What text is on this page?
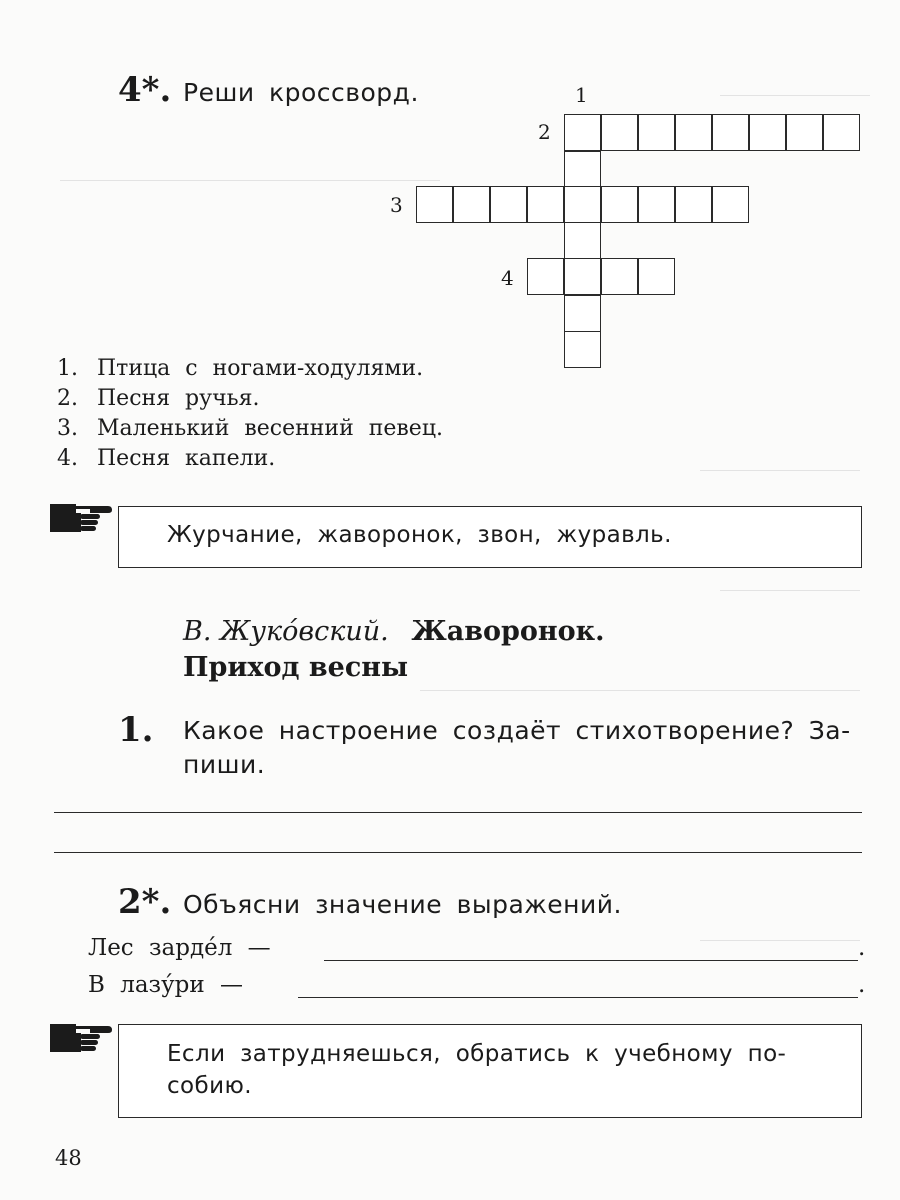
4*. Реши кроссворд.	1
2
3
4
1. Птица с ногами-ходулями.
2. Песня ручья.
3. Маленький весенний певец.
4. Песня капели.
Журчание, жаворонок, звон, журавль.
В. Жуко́вский. Жаворонок.
Приход весны
1. Какое настроение создаёт стихотворение? За-
пиши.
2*. Объясни значение выражений.
Лес зарде́л —	.
В лазу́ри —	.
Если затрудняешься, обратись к учебному по-
собию.
48
